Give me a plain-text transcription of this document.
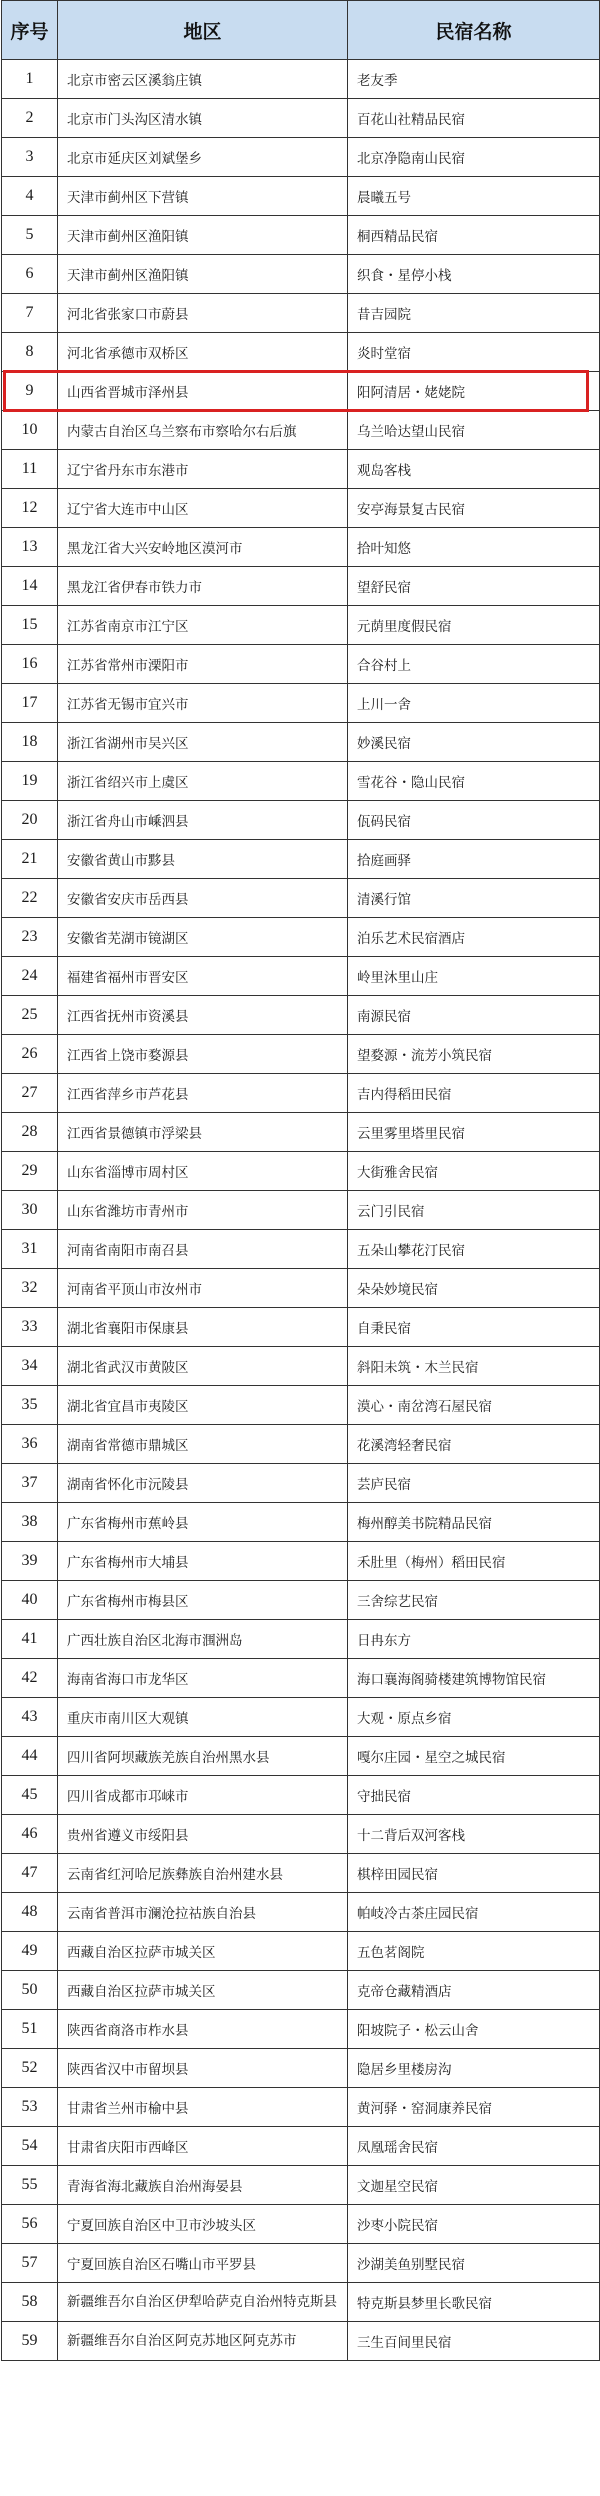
序号	地区	民宿名称
1	北京市密云区溪翁庄镇	老友季
2	北京市门头沟区清水镇	百花山社精品民宿
3	北京市延庆区刘斌堡乡	北京净隐南山民宿
4	天津市蓟州区下营镇	晨曦五号
5	天津市蓟州区渔阳镇	桐西精品民宿
6	天津市蓟州区渔阳镇	织食・星停小栈
7	河北省张家口市蔚县	昔吉园院
8	河北省承德市双桥区	炎时堂宿
9	山西省晋城市泽州县	阳阿清居・姥姥院
10	内蒙古自治区乌兰察布市察哈尔右后旗	乌兰哈达望山民宿
11	辽宁省丹东市东港市	观岛客栈
12	辽宁省大连市中山区	安亭海景复古民宿
13	黑龙江省大兴安岭地区漠河市	拾叶知悠
14	黑龙江省伊春市铁力市	望舒民宿
15	江苏省南京市江宁区	元荫里度假民宿
16	江苏省常州市溧阳市	合谷村上
17	江苏省无锡市宜兴市	上川一舍
18	浙江省湖州市吴兴区	妙溪民宿
19	浙江省绍兴市上虞区	雪花谷・隐山民宿
20	浙江省舟山市嵊泗县	佤码民宿
21	安徽省黄山市黟县	拾庭画驿
22	安徽省安庆市岳西县	清溪行馆
23	安徽省芜湖市镜湖区	泊乐艺术民宿酒店
24	福建省福州市晋安区	岭里沐里山庄
25	江西省抚州市资溪县	南源民宿
26	江西省上饶市婺源县	望婺源・流芳小筑民宿
27	江西省萍乡市芦花县	吉内得稻田民宿
28	江西省景德镇市浮梁县	云里雾里塔里民宿
29	山东省淄博市周村区	大街雅舍民宿
30	山东省潍坊市青州市	云门引民宿
31	河南省南阳市南召县	五朵山攀花汀民宿
32	河南省平顶山市汝州市	朵朵妙境民宿
33	湖北省襄阳市保康县	自秉民宿
34	湖北省武汉市黄陂区	斜阳未筑・木兰民宿
35	湖北省宜昌市夷陵区	漠心・南岔湾石屋民宿
36	湖南省常德市鼎城区	花溪湾轻奢民宿
37	湖南省怀化市沅陵县	芸庐民宿
38	广东省梅州市蕉岭县	梅州醇美书院精品民宿
39	广东省梅州市大埔县	禾肚里（梅州）稻田民宿
40	广东省梅州市梅县区	三舍综艺民宿
41	广西壮族自治区北海市涠洲岛	日冉东方
42	海南省海口市龙华区	海口襄海阁骑楼建筑博物馆民宿
43	重庆市南川区大观镇	大观・原点乡宿
44	四川省阿坝藏族羌族自治州黑水县	嘎尔庄园・星空之城民宿
45	四川省成都市邛崃市	守拙民宿
46	贵州省遵义市绥阳县	十二背后双河客栈
47	云南省红河哈尼族彝族自治州建水县	棋梓田园民宿
48	云南省普洱市澜沧拉祜族自治县	帕岐冷古茶庄园民宿
49	西藏自治区拉萨市城关区	五色茗阁院
50	西藏自治区拉萨市城关区	克帝仓藏精酒店
51	陕西省商洛市柞水县	阳坡院子・松云山舍
52	陕西省汉中市留坝县	隐居乡里楼房沟
53	甘肃省兰州市榆中县	黄河驿・窑洞康养民宿
54	甘肃省庆阳市西峰区	凤凰瑶舍民宿
55	青海省海北藏族自治州海晏县	文迦星空民宿
56	宁夏回族自治区中卫市沙坡头区	沙枣小院民宿
57	宁夏回族自治区石嘴山市平罗县	沙湖美鱼别墅民宿
58	新疆维吾尔自治区伊犁哈萨克自治州特克斯县	特克斯县梦里长歌民宿
59	新疆维吾尔自治区阿克苏地区阿克苏市	三生百间里民宿
